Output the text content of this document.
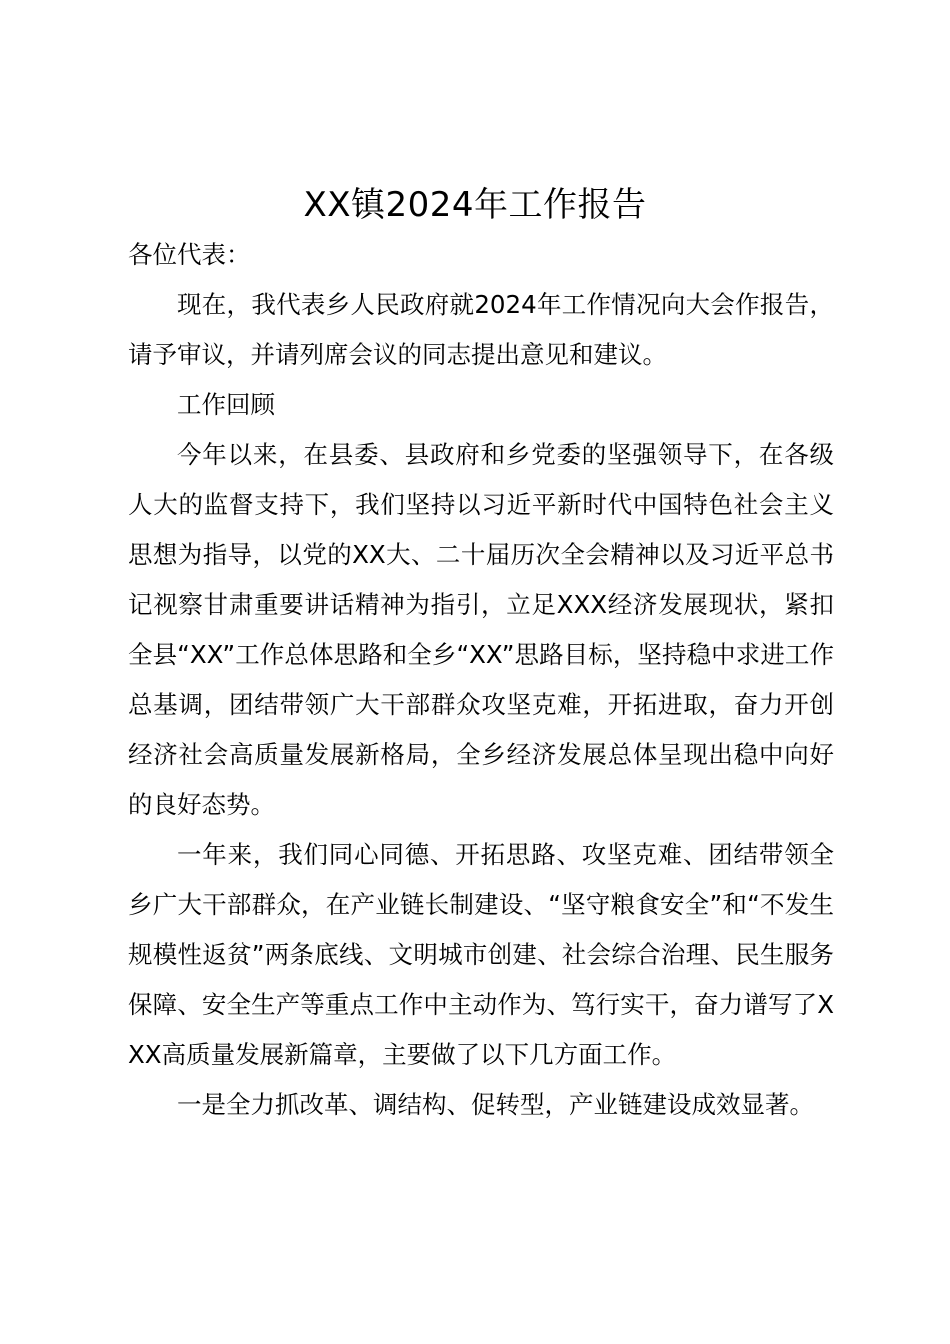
XX镇2024年工作报告

各位代表：

现在，我代表乡人民政府就2024年工作情况向大会作报告，请予审议，并请列席会议的同志提出意见和建议。

工作回顾

今年以来，在县委、县政府和乡党委的坚强领导下，在各级人大的监督支持下，我们坚持以习近平新时代中国特色社会主义思想为指导，以党的XX大、二十届历次全会精神以及习近平总书记视察甘肃重要讲话精神为指引，立足XXX经济发展现状，紧扣全县“XX”工作总体思路和全乡“XX”思路目标，坚持稳中求进工作总基调，团结带领广大干部群众攻坚克难，开拓进取，奋力开创经济社会高质量发展新格局，全乡经济发展总体呈现出稳中向好的良好态势。

一年来，我们同心同德、开拓思路、攻坚克难、团结带领全乡广大干部群众，在产业链长制建设、“坚守粮食安全”和“不发生规模性返贫”两条底线、文明城市创建、社会综合治理、民生服务保障、安全生产等重点工作中主动作为、笃行实干，奋力谱写了XXX高质量发展新篇章，主要做了以下几方面工作。

一是全力抓改革、调结构、促转型，产业链建设成效显著。
